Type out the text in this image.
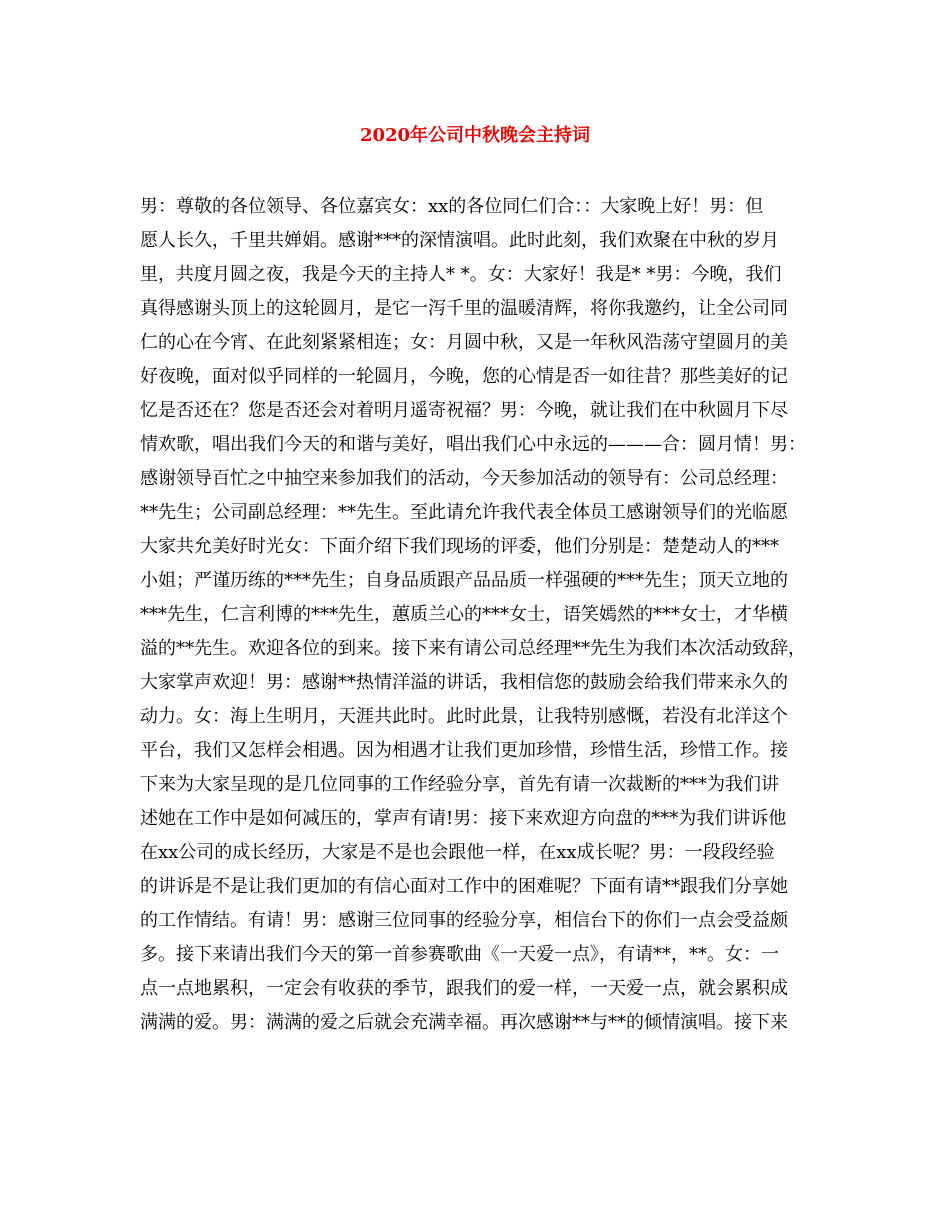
2020年公司中秋晚会主持词
男：尊敬的各位领导、各位嘉宾女：xx的各位同仁们合：：大家晚上好！男：但
愿人长久，千里共婵娟。感谢***的深情演唱。此时此刻，我们欢聚在中秋的岁月
里，共度月圆之夜，我是今天的主持人* *。女：大家好！我是* *男：今晚，我们
真得感谢头顶上的这轮圆月，是它一泻千里的温暖清辉，将你我邀约，让全公司同
仁的心在今宵、在此刻紧紧相连；女：月圆中秋，又是一年秋风浩荡守望圆月的美
好夜晚，面对似乎同样的一轮圆月，今晚，您的心情是否一如往昔？那些美好的记
忆是否还在？您是否还会对着明月遥寄祝福？男：今晚，就让我们在中秋圆月下尽
情欢歌，唱出我们今天的和谐与美好，唱出我们心中永远的———合：圆月情！男：
感谢领导百忙之中抽空来参加我们的活动，今天参加活动的领导有：公司总经理：
**先生；公司副总经理：**先生。至此请允许我代表全体员工感谢领导们的光临愿
大家共允美好时光女：下面介绍下我们现场的评委，他们分别是：楚楚动人的***
小姐；严谨历练的***先生；自身品质跟产品品质一样强硬的***先生；顶天立地的
***先生，仁言利博的***先生，蕙质兰心的***女士，语笑嫣然的***女士，才华横
溢的**先生。欢迎各位的到来。接下来有请公司总经理**先生为我们本次活动致辞，
大家掌声欢迎！男：感谢**热情洋溢的讲话，我相信您的鼓励会给我们带来永久的
动力。女：海上生明月，天涯共此时。此时此景，让我特别感慨，若没有北洋这个
平台，我们又怎样会相遇。因为相遇才让我们更加珍惜，珍惜生活，珍惜工作。接
下来为大家呈现的是几位同事的工作经验分享，首先有请一次裁断的***为我们讲
述她在工作中是如何减压的，掌声有请!男：接下来欢迎方向盘的***为我们讲诉他
在xx公司的成长经历，大家是不是也会跟他一样，在xx成长呢？男：一段段经验
的讲诉是不是让我们更加的有信心面对工作中的困难呢？下面有请**跟我们分享她
的工作情结。有请！男：感谢三位同事的经验分享，相信台下的你们一点会受益颇
多。接下来请出我们今天的第一首参赛歌曲《一天爱一点》，有请**，**。女：一
点一点地累积，一定会有收获的季节，跟我们的爱一样，一天爱一点，就会累积成
满满的爱。男：满满的爱之后就会充满幸福。再次感谢**与**的倾情演唱。接下来
